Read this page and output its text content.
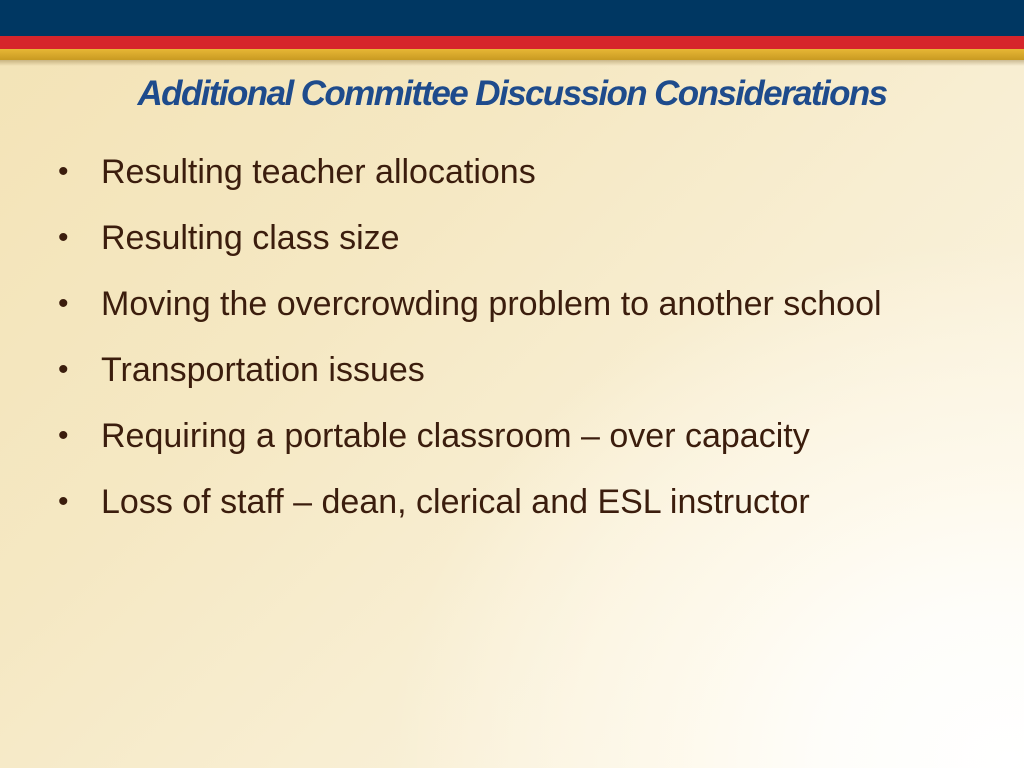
Additional Committee Discussion Considerations
• Resulting teacher allocations
• Resulting class size
• Moving the overcrowding problem to another school
• Transportation issues
• Requiring a portable classroom – over capacity
• Loss of staff – dean, clerical and ESL instructor
